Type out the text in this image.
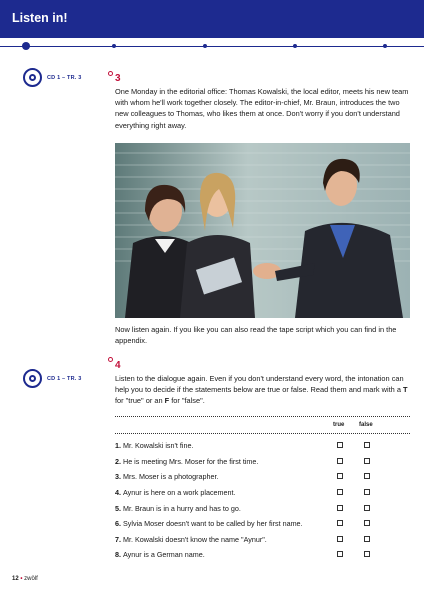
Listen in!
CD 1 – TR. 3	3

One Monday in the editorial office: Thomas Kowalski, the local editor, meets his new team with whom he'll work together closely. The editor-in-chief, Mr. Braun, introduces the two new colleagues to Thomas, who likes them at once. Don't worry if you don't understand everything right away.

Now listen again. If you like you can also read the tape script which you can find in the appendix.

CD 1 – TR. 3
4

Listen to the dialogue again. Even if you don't understand every word, the intonation can help you to decide if the statements below are true or false. Read them and mark with a T for "true" or an F for "false".

true false
1. Mr. Kowalski isn't fine.
2. He is meeting Mrs. Moser for the first time.
3. Mrs. Moser is a photographer.
4. Aynur is here on a work placement.
5. Mr. Braun is in a hurry and has to go.
6. Sylvia Moser doesn't want to be called by her first name.
7. Mr. Kowalski doesn't know the name "Aynur".
8. Aynur is a German name.
12 • zwölf
